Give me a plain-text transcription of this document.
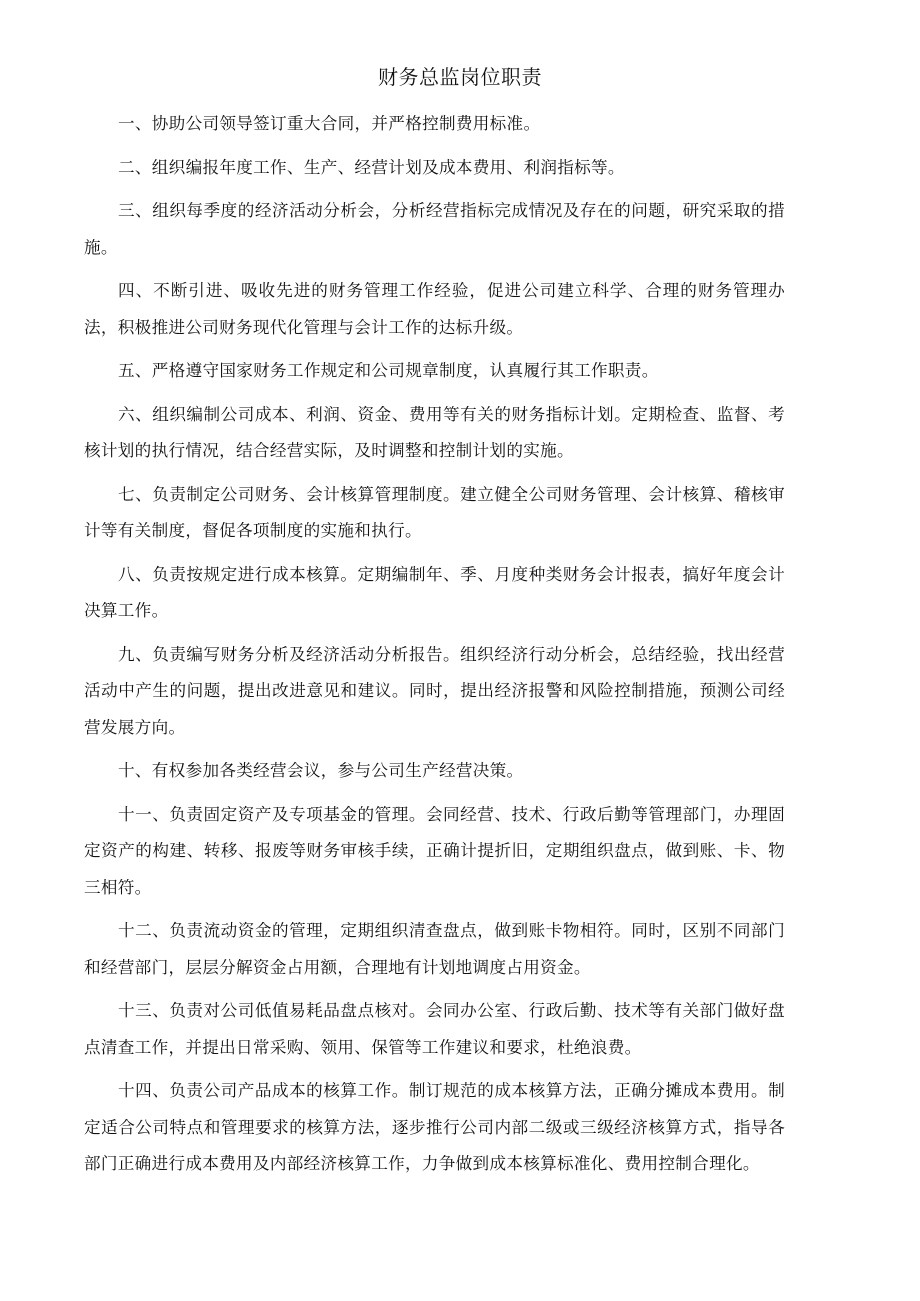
财务总监岗位职责

一、协助公司领导签订重大合同，并严格控制费用标准。

二、组织编报年度工作、生产、经营计划及成本费用、利润指标等。

三、组织每季度的经济活动分析会，分析经营指标完成情况及存在的问题，研究采取的措施。

四、不断引进、吸收先进的财务管理工作经验，促进公司建立科学、合理的财务管理办法，积极推进公司财务现代化管理与会计工作的达标升级。

五、严格遵守国家财务工作规定和公司规章制度，认真履行其工作职责。

六、组织编制公司成本、利润、资金、费用等有关的财务指标计划。定期检查、监督、考核计划的执行情况，结合经营实际，及时调整和控制计划的实施。

七、负责制定公司财务、会计核算管理制度。建立健全公司财务管理、会计核算、稽核审计等有关制度，督促各项制度的实施和执行。

八、负责按规定进行成本核算。定期编制年、季、月度种类财务会计报表，搞好年度会计决算工作。

九、负责编写财务分析及经济活动分析报告。组织经济行动分析会，总结经验，找出经营活动中产生的问题，提出改进意见和建议。同时，提出经济报警和风险控制措施，预测公司经营发展方向。

十、有权参加各类经营会议，参与公司生产经营决策。

十一、负责固定资产及专项基金的管理。会同经营、技术、行政后勤等管理部门，办理固定资产的构建、转移、报废等财务审核手续，正确计提折旧，定期组织盘点，做到账、卡、物三相符。

十二、负责流动资金的管理，定期组织清查盘点，做到账卡物相符。同时，区别不同部门和经营部门，层层分解资金占用额，合理地有计划地调度占用资金。

十三、负责对公司低值易耗品盘点核对。会同办公室、行政后勤、技术等有关部门做好盘点清查工作，并提出日常采购、领用、保管等工作建议和要求，杜绝浪费。

十四、负责公司产品成本的核算工作。制订规范的成本核算方法，正确分摊成本费用。制定适合公司特点和管理要求的核算方法，逐步推行公司内部二级或三级经济核算方式，指导各部门正确进行成本费用及内部经济核算工作，力争做到成本核算标准化、费用控制合理化。
